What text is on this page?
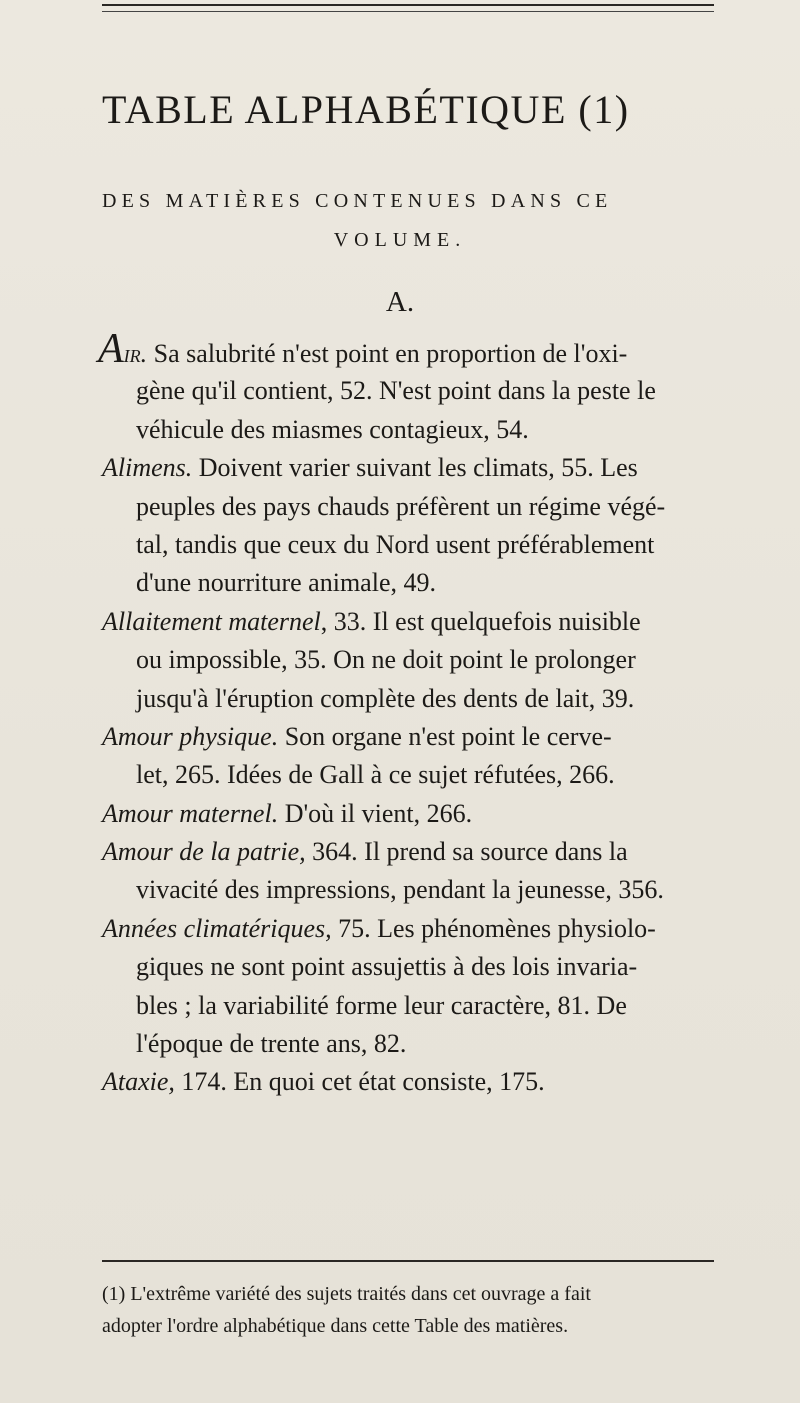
TABLE ALPHABÉTIQUE (1)

DES MATIÈRES CONTENUES DANS CE

VOLUME.

A.

Air. Sa salubrité n'est point en proportion de l'oxi-
gène qu'il contient, 52. N'est point dans la peste le
véhicule des miasmes contagieux, 54.
Alimens. Doivent varier suivant les climats, 55. Les
peuples des pays chauds préfèrent un régime végé-
tal, tandis que ceux du Nord usent préférablement
d'une nourriture animale, 49.
Allaitement maternel, 33. Il est quelquefois nuisible
ou impossible, 35. On ne doit point le prolonger
jusqu'à l'éruption complète des dents de lait, 39.
Amour physique. Son organe n'est point le cerve-
let, 265. Idées de Gall à ce sujet réfutées, 266.
Amour maternel. D'où il vient, 266.
Amour de la patrie, 364. Il prend sa source dans la
vivacité des impressions, pendant la jeunesse, 356.
Années climatériques, 75. Les phénomènes physiolo-
giques ne sont point assujettis à des lois invaria-
bles ; la variabilité forme leur caractère, 81. De
l'époque de trente ans, 82.
Ataxie, 174. En quoi cet état consiste, 175.
(1) L'extrême variété des sujets traités dans cet ouvrage a fait
adopter l'ordre alphabétique dans cette Table des matières.
